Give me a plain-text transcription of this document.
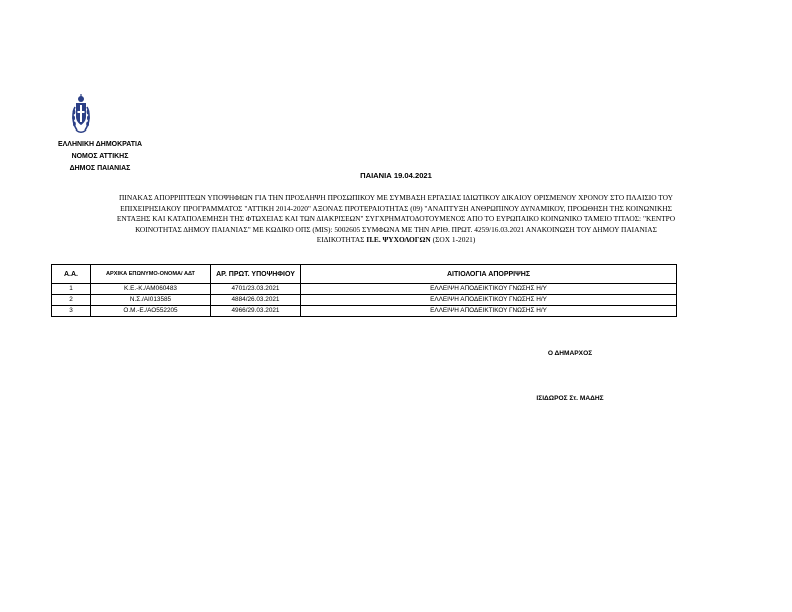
ΕΛΛΗΝΙΚΗ ΔΗΜΟΚΡΑΤΙΑ
ΝΟΜΟΣ ΑΤΤΙΚΗΣ
ΔΗΜΟΣ ΠΑΙΑΝΙΑΣ
ΠΑΙΑΝΙΑ 19.04.2021
ΠΙΝΑΚΑΣ ΑΠΟΡΡΙΠΤΕΩΝ ΥΠΟΨΗΦΙΩΝ ΓΙΑ ΤΗΝ ΠΡΟΣΛΗΨΗ ΠΡΟΣΩΠΙΚΟΥ ΜΕ ΣΥΜΒΑΣΗ ΕΡΓΑΣΙΑΣ ΙΔΙΩΤΙΚΟΥ ΔΙΚΑΙΟΥ ΟΡΙΣΜΕΝΟΥ ΧΡΟΝΟΥ ΣΤΟ ΠΛΑΙΣΙΟ ΤΟΥ
ΕΠΙΧΕΙΡΗΣΙΑΚΟΥ ΠΡΟΓΡΑΜΜΑΤΟΣ "ΑΤΤΙΚΗ 2014-2020" ΑΞΟΝΑΣ ΠΡΟΤΕΡΑΙΟΤΗΤΑΣ (09) "ΑΝΑΠΤΥΞΗ ΑΝΘΡΩΠΙΝΟΥ ΔΥΝΑΜΙΚΟΥ, ΠΡΟΩΘΗΣΗ ΤΗΣ ΚΟΙΝΩΝΙΚΗΣ
ΕΝΤΑΞΗΣ ΚΑΙ ΚΑΤΑΠΟΛΕΜΗΣΗ ΤΗΣ ΦΤΩΧΕΙΑΣ ΚΑΙ ΤΩΝ ΔΙΑΚΡΙΣΕΩΝ" ΣΥΓΧΡΗΜΑΤΟΔΟΤΟΥΜΕΝΟΣ ΑΠΟ ΤΟ ΕΥΡΩΠΑΙΚΟ ΚΟΙΝΩΝΙΚΟ ΤΑΜΕΙΟ ΤΙΤΛΟΣ: "ΚΕΝΤΡΟ
ΚΟΙΝΟΤΗΤΑΣ ΔΗΜΟΥ ΠΑΙΑΝΙΑΣ" ΜΕ ΚΩΔΙΚΟ ΟΠΣ (MIS): 5002605 ΣΥΜΦΩΝΑ ΜΕ ΤΗΝ ΑΡΙΘ. ΠΡΩΤ. 4259/16.03.2021 ΑΝΑΚΟΙΝΩΣΗ ΤΟΥ ΔΗΜΟΥ ΠΑΙΑΝΙΑΣ
ΕΙΔΙΚΟΤΗΤΑΣ Π.Ε. ΨΥΧΟΛΟΓΩΝ (ΣΟΧ 1-2021)
Α.Α.	ΑΡΧΙΚΑ ΕΠΩΝΥΜΟ-ΟΝΟΜΑ/ ΑΔΤ	ΑΡ. ΠΡΩΤ. ΥΠΟΨΗΦΙΟΥ	ΑΙΤΙΟΛΟΓΙΑ ΑΠΟΡΡΙΨΗΣ
1	Κ.Ε.-Κ./ΑΜ060483	4701/23.03.2021	ΕΛΛΕΙΨΗ ΑΠΟΔΕΙΚΤΙΚΟΥ ΓΝΩΣΗΣ Η/Υ
2	Ν.Σ./ΑΙ013585	4884/26.03.2021	ΕΛΛΕΙΨΗ ΑΠΟΔΕΙΚΤΙΚΟΥ ΓΝΩΣΗΣ Η/Υ
3	Ο.Μ.-Ε./ΑΟ552205	4966/29.03.2021	ΕΛΛΕΙΨΗ ΑΠΟΔΕΙΚΤΙΚΟΥ ΓΝΩΣΗΣ Η/Υ
Ο ΔΗΜΑΡΧΟΣ
ΙΣΙΔΩΡΟΣ Στ. ΜΑΔΗΣ
